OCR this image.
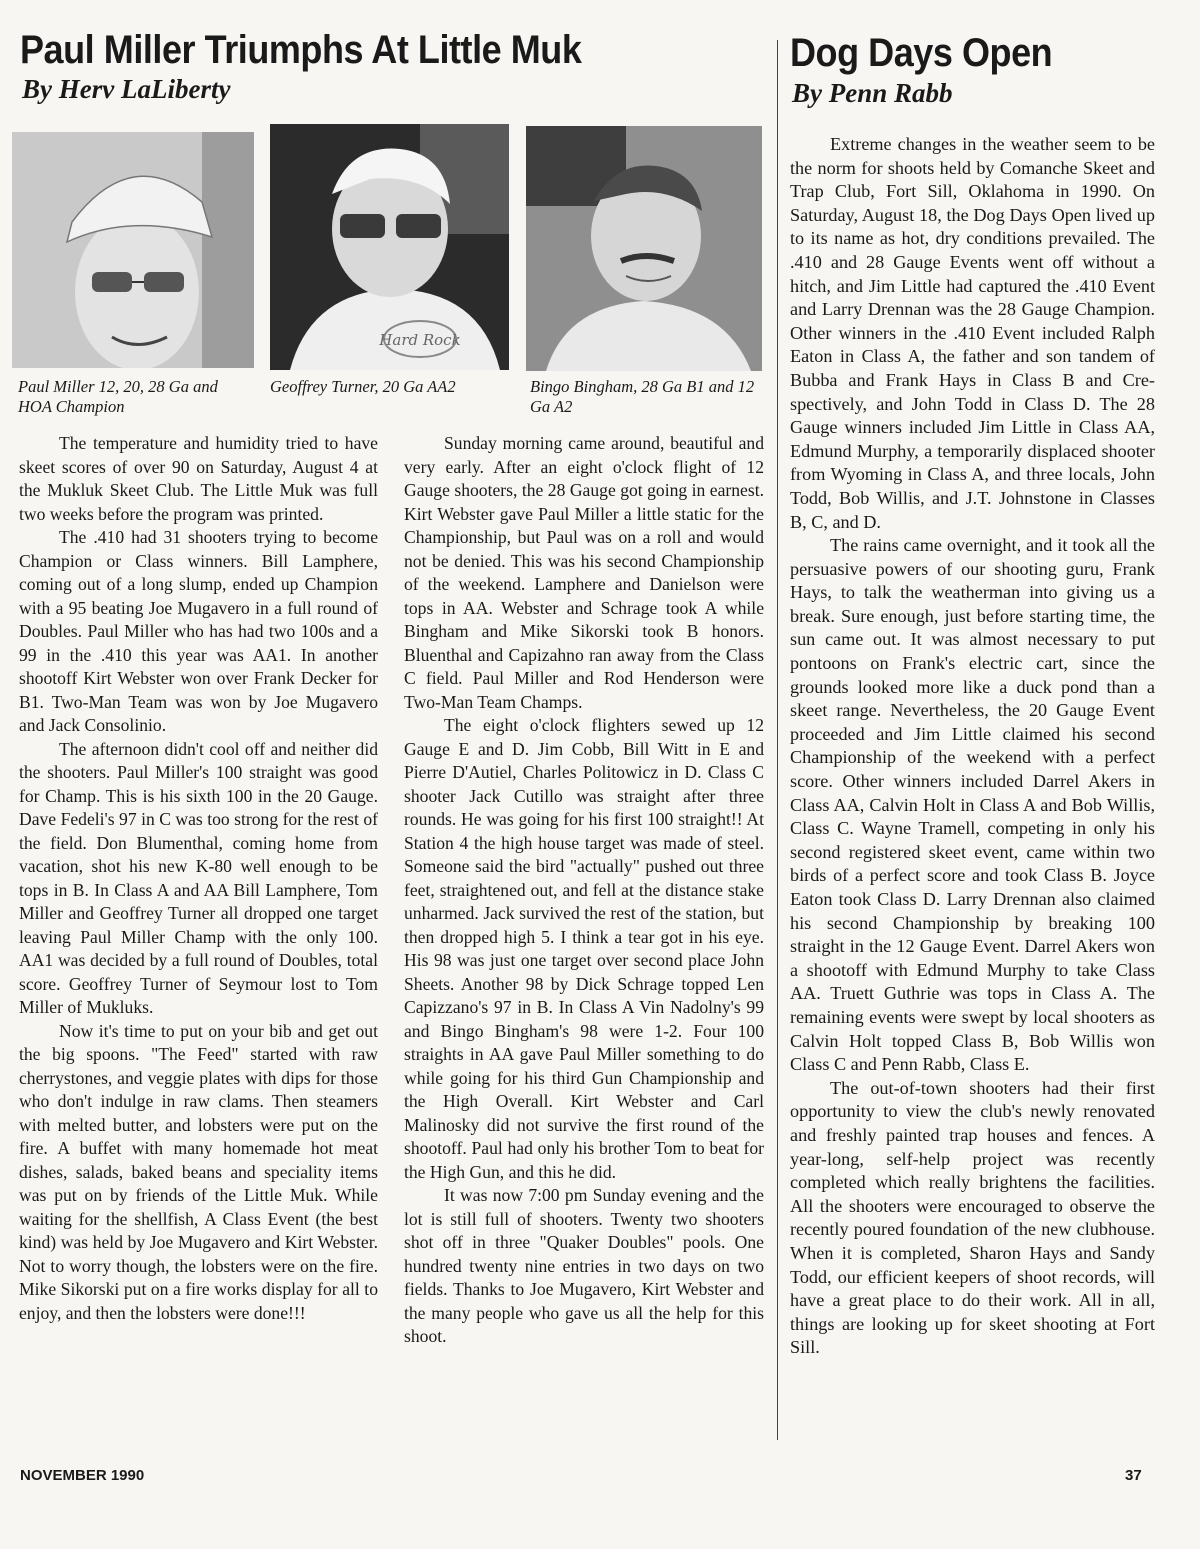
Paul Miller Triumphs At Little Muk
By Herv LaLiberty
Dog Days Open
By Penn Rabb
Hard Rock

Paul Miller 12, 20, 28 Ga and HOA Champion

Geoffrey Turner, 20 Ga AA2	Bingo Bingham, 28 Ga B1 and 12 Ga A2

The temperature and humidity tried to have skeet scores of over 90 on Saturday, August 4 at the Mukluk Skeet Club. The Little Muk was full two weeks before the program was printed.

The .410 had 31 shooters trying to become Champion or Class winners. Bill Lamphere, coming out of a long slump, ended up Champion with a 95 beating Joe Mugavero in a full round of Doubles. Paul Miller who has had two 100s and a 99 in the .410 this year was AA1. In another shootoff Kirt Webster won over Frank Decker for B1. Two-Man Team was won by Joe Mugavero and Jack Consolinio.

The afternoon didn't cool off and neither did the shooters. Paul Miller's 100 straight was good for Champ. This is his sixth 100 in the 20 Gauge. Dave Fedeli's 97 in C was too strong for the rest of the field. Don Blumenthal, coming home from vacation, shot his new K-80 well enough to be tops in B. In Class A and AA Bill Lamphere, Tom Miller and Geoffrey Turner all dropped one target leaving Paul Miller Champ with the only 100. AA1 was decided by a full round of Doubles, total score. Geoffrey Turner of Seymour lost to Tom Miller of Mukluks.

Now it's time to put on your bib and get out the big spoons. "The Feed" started with raw cherrystones, and veggie plates with dips for those who don't indulge in raw clams. Then steamers with melted butter, and lobsters were put on the fire. A buffet with many homemade hot meat dishes, salads, baked beans and speciality items was put on by friends of the Little Muk. While waiting for the shellfish, A Class Event (the best kind) was held by Joe Mugavero and Kirt Webster. Not to worry though, the lobsters were on the fire. Mike Sikorski put on a fire works display for all to enjoy, and then the lobsters were done!!!

Sunday morning came around, beautiful and very early. After an eight o'clock flight of 12 Gauge shooters, the 28 Gauge got going in earnest. Kirt Webster gave Paul Miller a little static for the Championship, but Paul was on a roll and would not be denied. This was his second Championship of the weekend. Lamphere and Danielson were tops in AA. Webster and Schrage took A while Bingham and Mike Sikorski took B honors. Bluenthal and Capizahno ran away from the Class C field. Paul Miller and Rod Henderson were Two-Man Team Champs.

The eight o'clock flighters sewed up 12 Gauge E and D. Jim Cobb, Bill Witt in E and Pierre D'Autiel, Charles Politowicz in D. Class C shooter Jack Cutillo was straight after three rounds. He was going for his first 100 straight!! At Station 4 the high house target was made of steel. Someone said the bird "actually" pushed out three feet, straightened out, and fell at the distance stake unharmed. Jack survived the rest of the station, but then dropped high 5. I think a tear got in his eye. His 98 was just one target over second place John Sheets. Another 98 by Dick Schrage topped Len Capizzano's 97 in B. In Class A Vin Nadolny's 99 and Bingo Bingham's 98 were 1-2. Four 100 straights in AA gave Paul Miller something to do while going for his third Gun Championship and the High Overall. Kirt Webster and Carl Malinosky did not survive the first round of the shootoff. Paul had only his brother Tom to beat for the High Gun, and this he did.

It was now 7:00 pm Sunday evening and the lot is still full of shooters. Twenty two shooters shot off in three "Quaker Doubles" pools. One hundred twenty nine entries in two days on two fields. Thanks to Joe Mugavero, Kirt Webster and the many people who gave us all the help for this shoot.

Extreme changes in the weather seem to be the norm for shoots held by Comanche Skeet and Trap Club, Fort Sill, Oklahoma in 1990. On Saturday, August 18, the Dog Days Open lived up to its name as hot, dry conditions prevailed. The .410 and 28 Gauge Events went off without a hitch, and Jim Little had captured the .410 Event and Larry Drennan was the 28 Gauge Champion. Other winners in the .410 Event included Ralph Eaton in Class A, the father and son tandem of Bubba and Frank Hays in Class B and Cre-spectively, and John Todd in Class D. The 28 Gauge winners included Jim Little in Class AA, Edmund Murphy, a temporarily displaced shooter from Wyoming in Class A, and three locals, John Todd, Bob Willis, and J.T. Johnstone in Classes B, C, and D.

The rains came overnight, and it took all the persuasive powers of our shooting guru, Frank Hays, to talk the weatherman into giving us a break. Sure enough, just before starting time, the sun came out. It was almost necessary to put pontoons on Frank's electric cart, since the grounds looked more like a duck pond than a skeet range. Nevertheless, the 20 Gauge Event proceeded and Jim Little claimed his second Championship of the weekend with a perfect score. Other winners included Darrel Akers in Class AA, Calvin Holt in Class A and Bob Willis, Class C. Wayne Tramell, competing in only his second registered skeet event, came within two birds of a perfect score and took Class B. Joyce Eaton took Class D. Larry Drennan also claimed his second Championship by breaking 100 straight in the 12 Gauge Event. Darrel Akers won a shootoff with Edmund Murphy to take Class AA. Truett Guthrie was tops in Class A. The remaining events were swept by local shooters as Calvin Holt topped Class B, Bob Willis won Class C and Penn Rabb, Class E.

The out-of-town shooters had their first opportunity to view the club's newly renovated and freshly painted trap houses and fences. A year-long, self-help project was recently completed which really brightens the facilities. All the shooters were encouraged to observe the recently poured foundation of the new clubhouse. When it is completed, Sharon Hays and Sandy Todd, our efficient keepers of shoot records, will have a great place to do their work. All in all, things are looking up for skeet shooting at Fort Sill.

NOVEMBER 1990	37
